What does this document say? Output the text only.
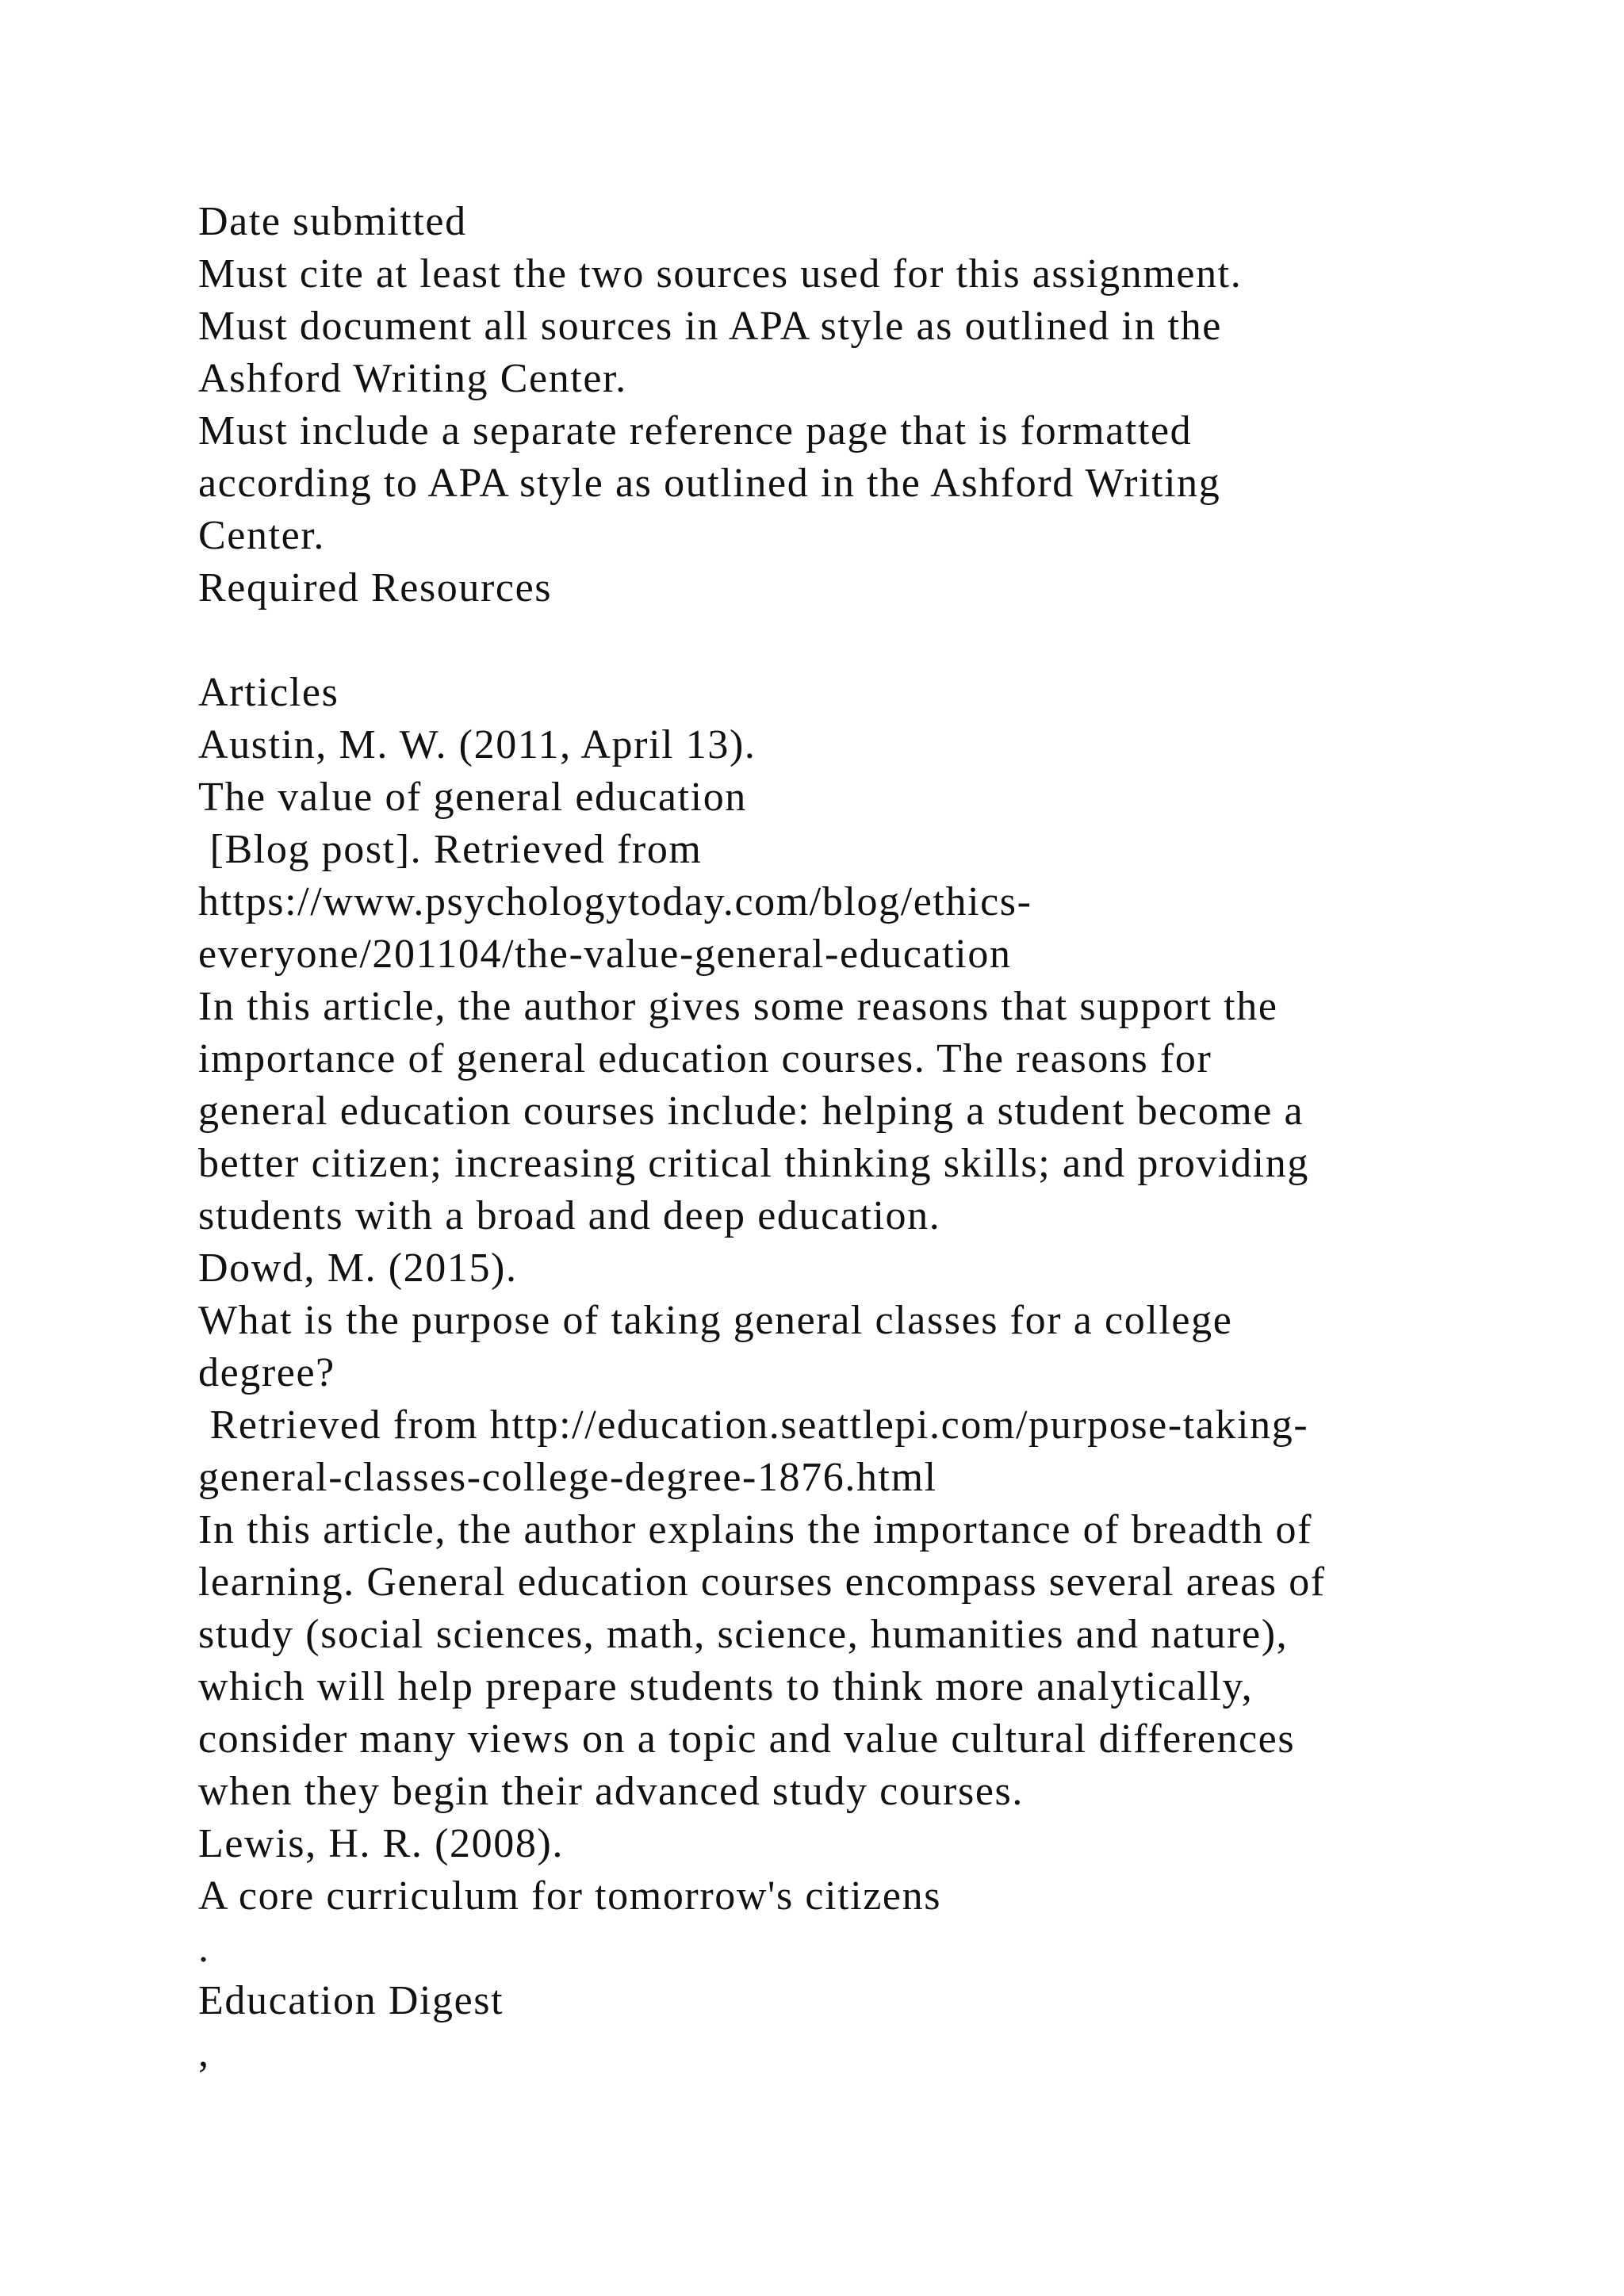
Date submitted
Must cite at least the two sources used for this assignment.
Must document all sources in APA style as outlined in the
Ashford Writing Center.
Must include a separate reference page that is formatted
according to APA style as outlined in the Ashford Writing
Center.
Required Resources
Articles
Austin, M. W. (2011, April 13).
The value of general education
[Blog post]. Retrieved from
https://www.psychologytoday.com/blog/ethics-
everyone/201104/the-value-general-education
In this article, the author gives some reasons that support the
importance of general education courses. The reasons for
general education courses include: helping a student become a
better citizen; increasing critical thinking skills; and providing
students with a broad and deep education.
Dowd, M. (2015).
What is the purpose of taking general classes for a college
degree?
Retrieved from http://education.seattlepi.com/purpose-taking-
general-classes-college-degree-1876.html
In this article, the author explains the importance of breadth of
learning. General education courses encompass several areas of
study (social sciences, math, science, humanities and nature),
which will help prepare students to think more analytically,
consider many views on a topic and value cultural differences
when they begin their advanced study courses.
Lewis, H. R. (2008).
A core curriculum for tomorrow's citizens
.
Education Digest
,
